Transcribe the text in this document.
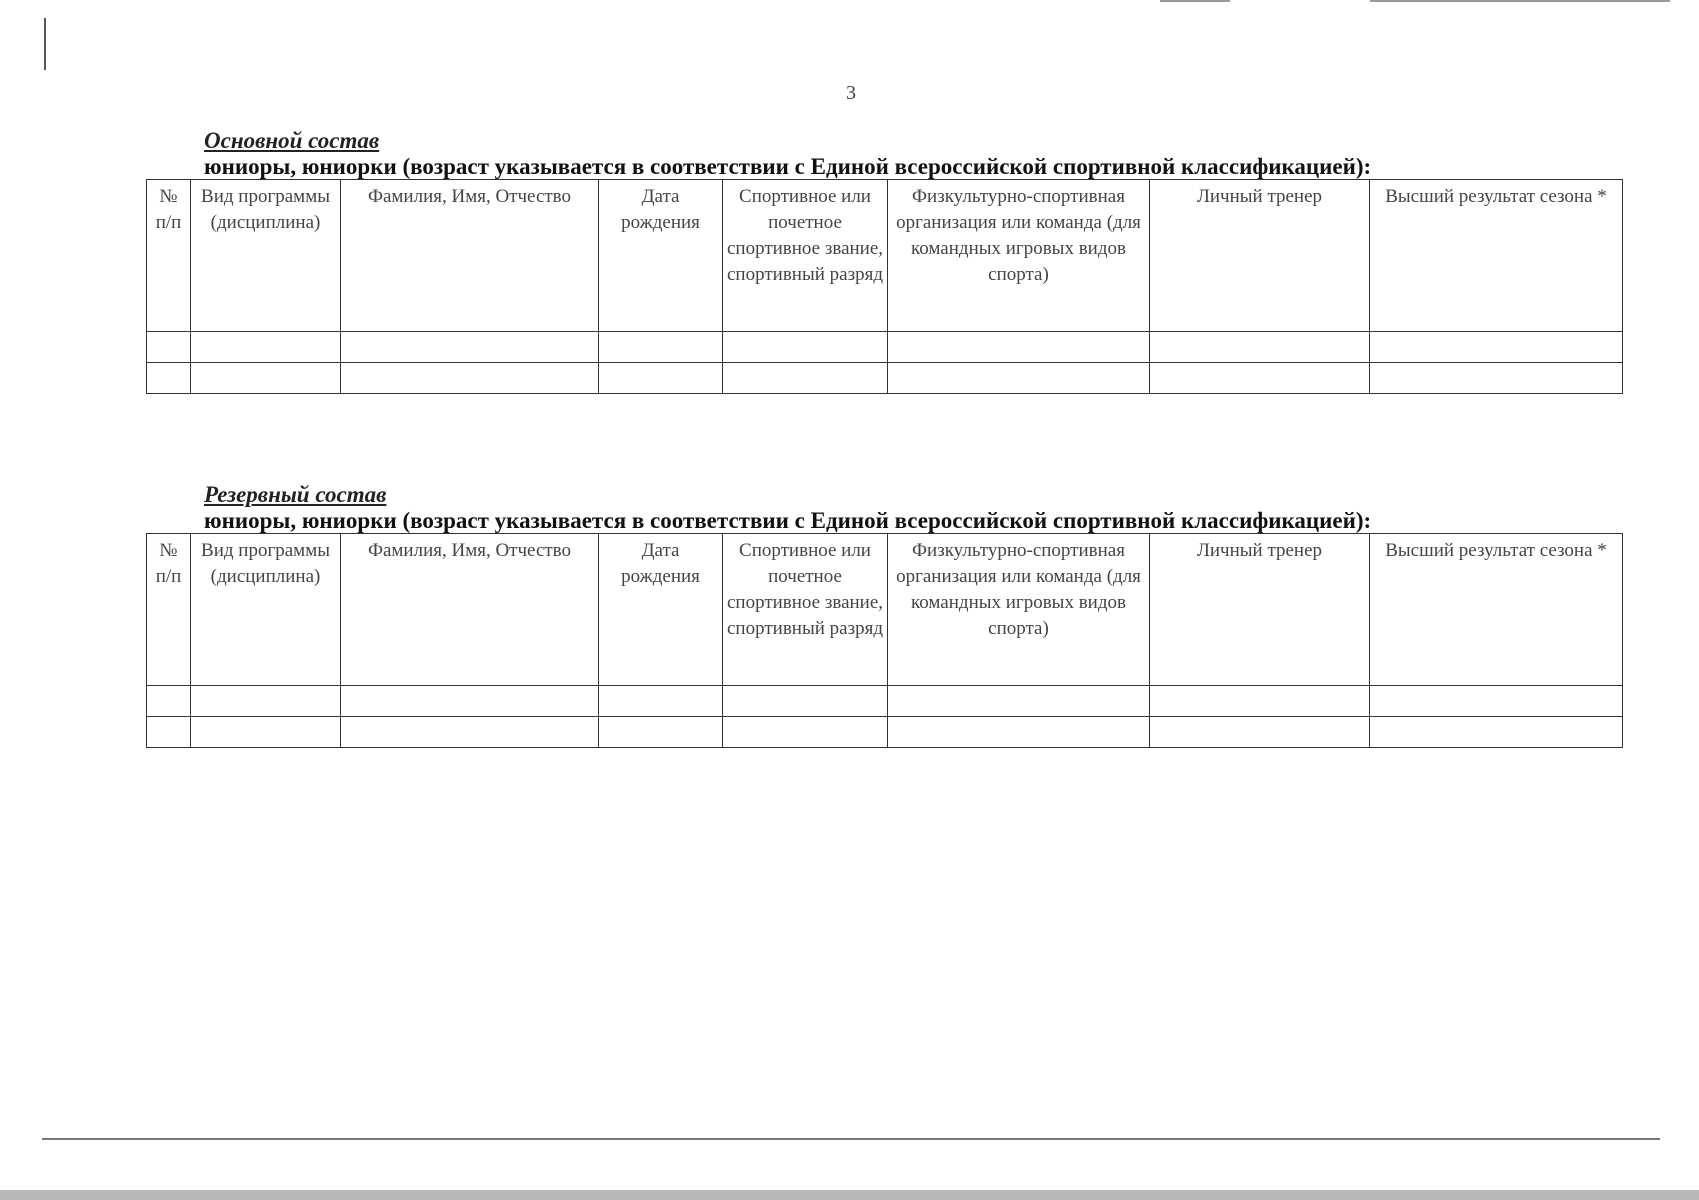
3
Основной состав
юниоры, юниорки (возраст указывается в соответствии с Единой всероссийской спортивной классификацией):
№ п/п	Вид программы (дисциплина)	Фамилия, Имя, Отчество	Дата рождения	Спортивное или почетное спортивное звание, спортивный разряд	Физкультурно-спортивная организация или команда (для командных игровых видов спорта)	Личный тренер	Высший результат сезона *

Резервный состав
юниоры, юниорки (возраст указывается в соответствии с Единой всероссийской спортивной классификацией):
№ п/п	Вид программы (дисциплина)	Фамилия, Имя, Отчество	Дата рождения	Спортивное или почетное спортивное звание, спортивный разряд	Физкультурно-спортивная организация или команда (для командных игровых видов спорта)	Личный тренер	Высший результат сезона *
